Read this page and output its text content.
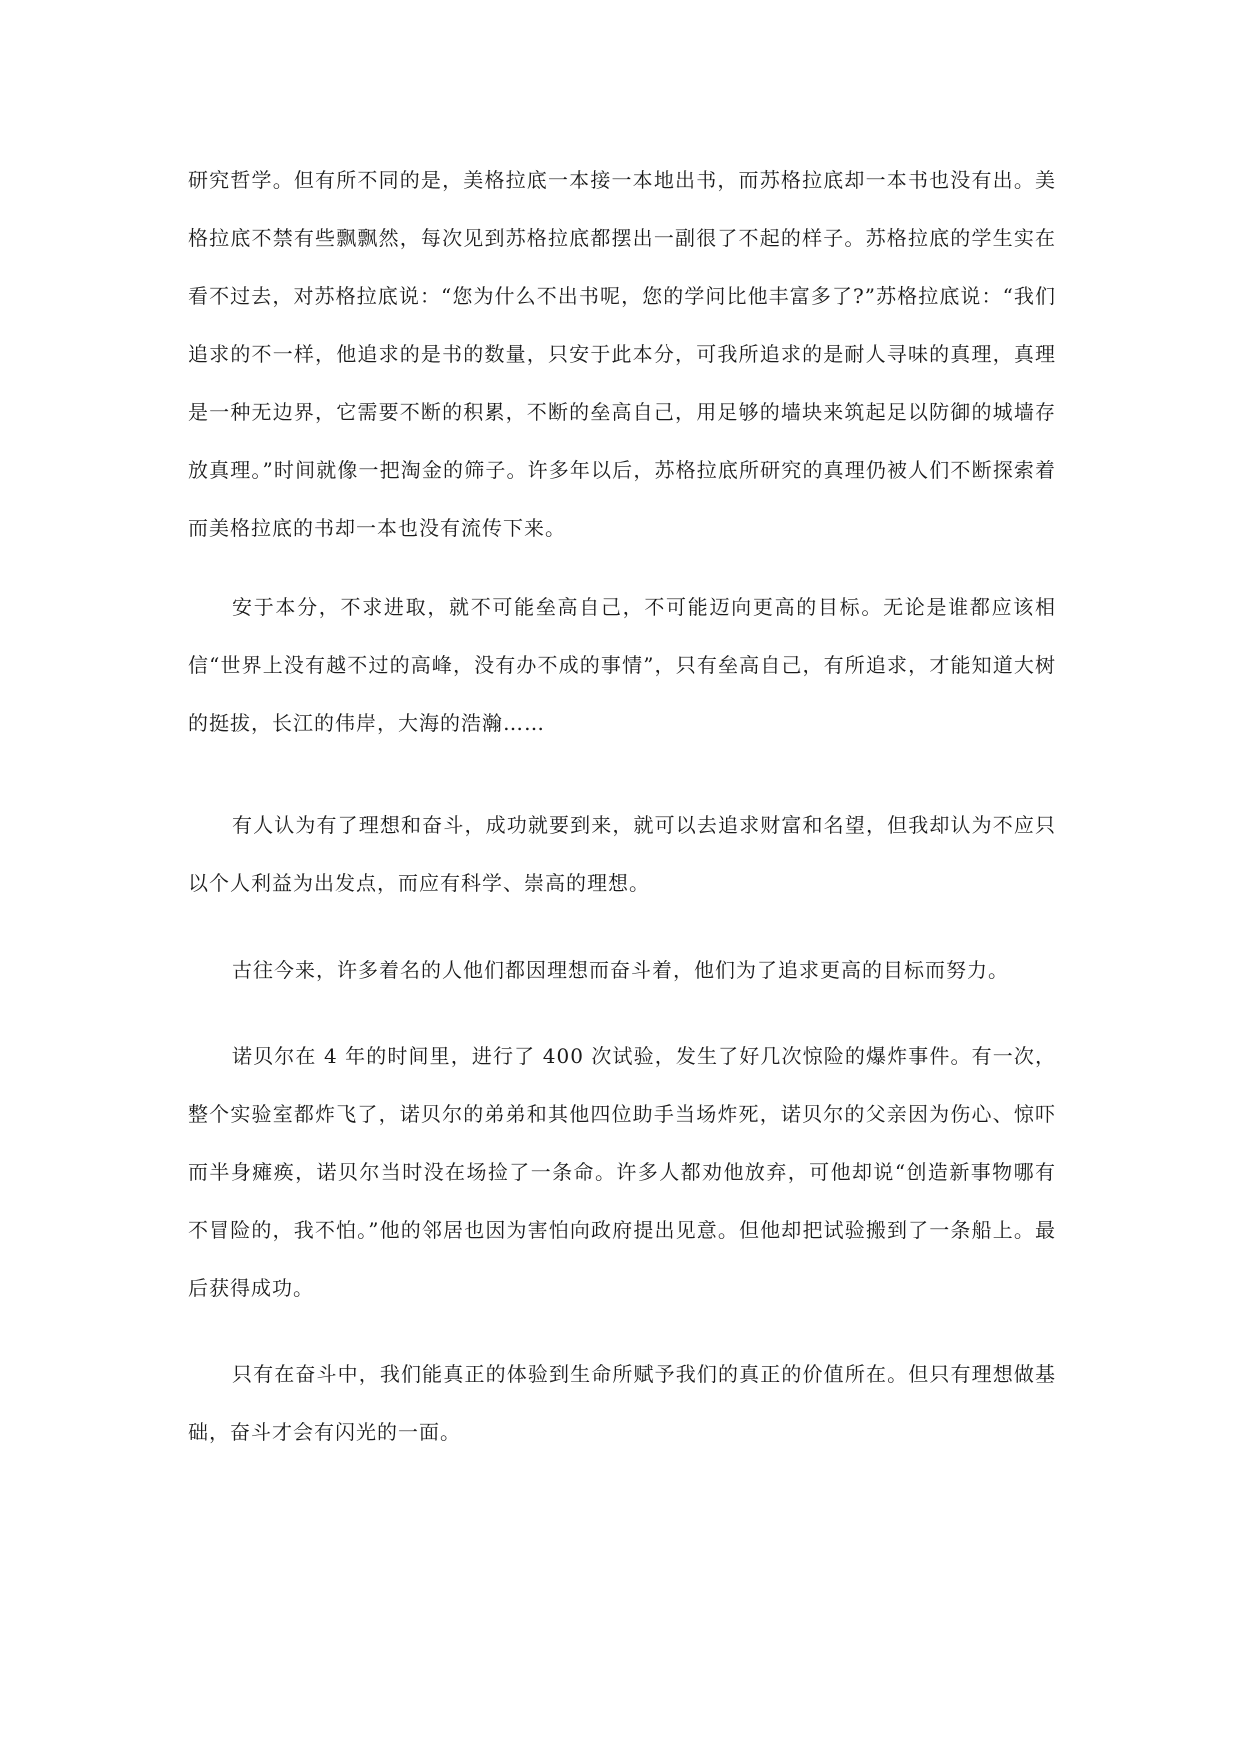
研究哲学。但有所不同的是，美格拉底一本接一本地出书，而苏格拉底却一本书也没有出。美格拉底不禁有些飘飘然，每次见到苏格拉底都摆出一副很了不起的样子。苏格拉底的学生实在看不过去，对苏格拉底说：“您为什么不出书呢，您的学问比他丰富多了?”苏格拉底说：“我们追求的不一样，他追求的是书的数量，只安于此本分，可我所追求的是耐人寻味的真理，真理是一种无边界，它需要不断的积累，不断的垒高自己，用足够的墙块来筑起足以防御的城墙存放真理。”时间就像一把淘金的筛子。许多年以后，苏格拉底所研究的真理仍被人们不断探索着而美格拉底的书却一本也没有流传下来。

安于本分，不求进取，就不可能垒高自己，不可能迈向更高的目标。无论是谁都应该相信“世界上没有越不过的高峰，没有办不成的事情”，只有垒高自己，有所追求，才能知道大树的挺拔，长江的伟岸，大海的浩瀚……

有人认为有了理想和奋斗，成功就要到来，就可以去追求财富和名望，但我却认为不应只以个人利益为出发点，而应有科学、崇高的理想。

古往今来，许多着名的人他们都因理想而奋斗着，他们为了追求更高的目标而努力。

诺贝尔在 4 年的时间里，进行了 400 次试验，发生了好几次惊险的爆炸事件。有一次，整个实验室都炸飞了，诺贝尔的弟弟和其他四位助手当场炸死，诺贝尔的父亲因为伤心、惊吓而半身瘫痪，诺贝尔当时没在场捡了一条命。许多人都劝他放弃，可他却说“创造新事物哪有不冒险的，我不怕。”他的邻居也因为害怕向政府提出见意。但他却把试验搬到了一条船上。最后获得成功。

只有在奋斗中，我们能真正的体验到生命所赋予我们的真正的价值所在。但只有理想做基础，奋斗才会有闪光的一面。
